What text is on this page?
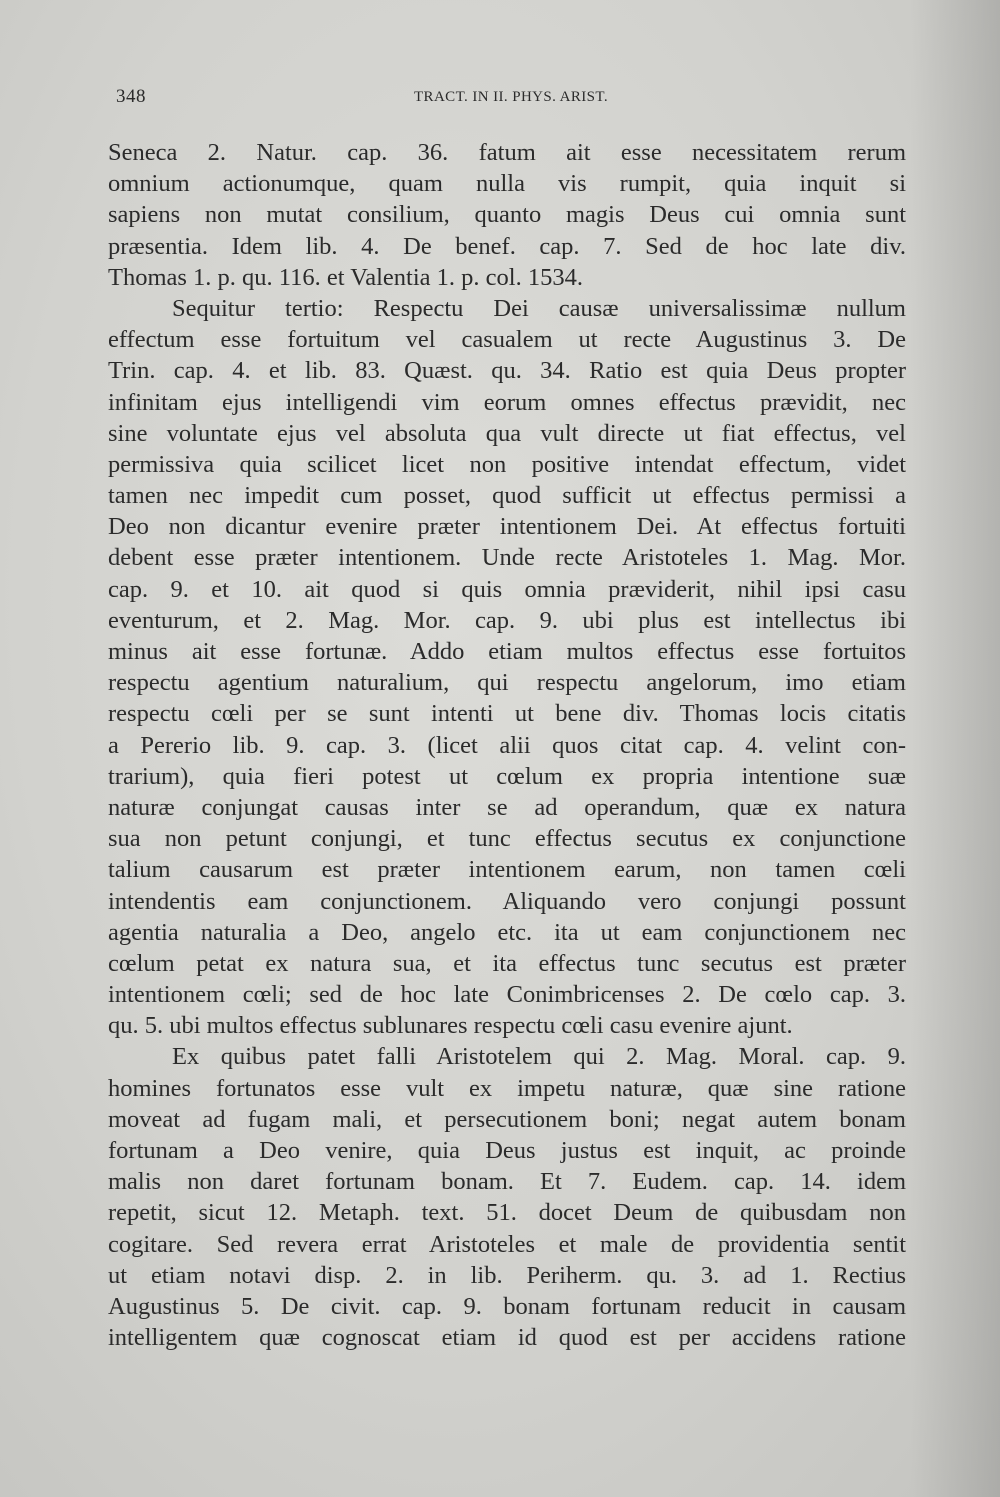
348	TRACT. IN II. PHYS. ARIST.
Seneca 2. Natur. cap. 36. fatum ait esse necessitatem rerum
omnium actionumque, quam nulla vis rumpit, quia inquit si
sapiens non mutat consilium, quanto magis Deus cui omnia sunt
præsentia. Idem lib. 4. De benef. cap. 7. Sed de hoc late div.
Thomas 1. p. qu. 116. et Valentia 1. p. col. 1534.
Sequitur tertio: Respectu Dei causæ universalissimæ nullum
effectum esse fortuitum vel casualem ut recte Augustinus 3. De
Trin. cap. 4. et lib. 83. Quæst. qu. 34. Ratio est quia Deus propter
infinitam ejus intelligendi vim eorum omnes effectus prævidit, nec
sine voluntate ejus vel absoluta qua vult directe ut fiat effectus, vel
permissiva quia scilicet licet non positive intendat effectum, videt
tamen nec impedit cum posset, quod sufficit ut effectus permissi a
Deo non dicantur evenire præter intentionem Dei. At effectus fortuiti
debent esse præter intentionem. Unde recte Aristoteles 1. Mag. Mor.
cap. 9. et 10. ait quod si quis omnia præviderit, nihil ipsi casu
eventurum, et 2. Mag. Mor. cap. 9. ubi plus est intellectus ibi
minus ait esse fortunæ. Addo etiam multos effectus esse fortuitos
respectu agentium naturalium, qui respectu angelorum, imo etiam
respectu cœli per se sunt intenti ut bene div. Thomas locis citatis
a Pererio lib. 9. cap. 3. (licet alii quos citat cap. 4. velint con-
trarium), quia fieri potest ut cœlum ex propria intentione suæ
naturæ conjungat causas inter se ad operandum, quæ ex natura
sua non petunt conjungi, et tunc effectus secutus ex conjunctione
talium causarum est præter intentionem earum, non tamen cœli
intendentis eam conjunctionem. Aliquando vero conjungi possunt
agentia naturalia a Deo, angelo etc. ita ut eam conjunctionem nec
cœlum petat ex natura sua, et ita effectus tunc secutus est præter
intentionem cœli; sed de hoc late Conimbricenses 2. De cœlo cap. 3.
qu. 5. ubi multos effectus sublunares respectu cœli casu evenire ajunt.
Ex quibus patet falli Aristotelem qui 2. Mag. Moral. cap. 9.
homines fortunatos esse vult ex impetu naturæ, quæ sine ratione
moveat ad fugam mali, et persecutionem boni; negat autem bonam
fortunam a Deo venire, quia Deus justus est inquit, ac proinde
malis non daret fortunam bonam. Et 7. Eudem. cap. 14. idem
repetit, sicut 12. Metaph. text. 51. docet Deum de quibusdam non
cogitare. Sed revera errat Aristoteles et male de providentia sentit
ut etiam notavi disp. 2. in lib. Periherm. qu. 3. ad 1. Rectius
Augustinus 5. De civit. cap. 9. bonam fortunam reducit in causam
intelligentem quæ cognoscat etiam id quod est per accidens ratione
